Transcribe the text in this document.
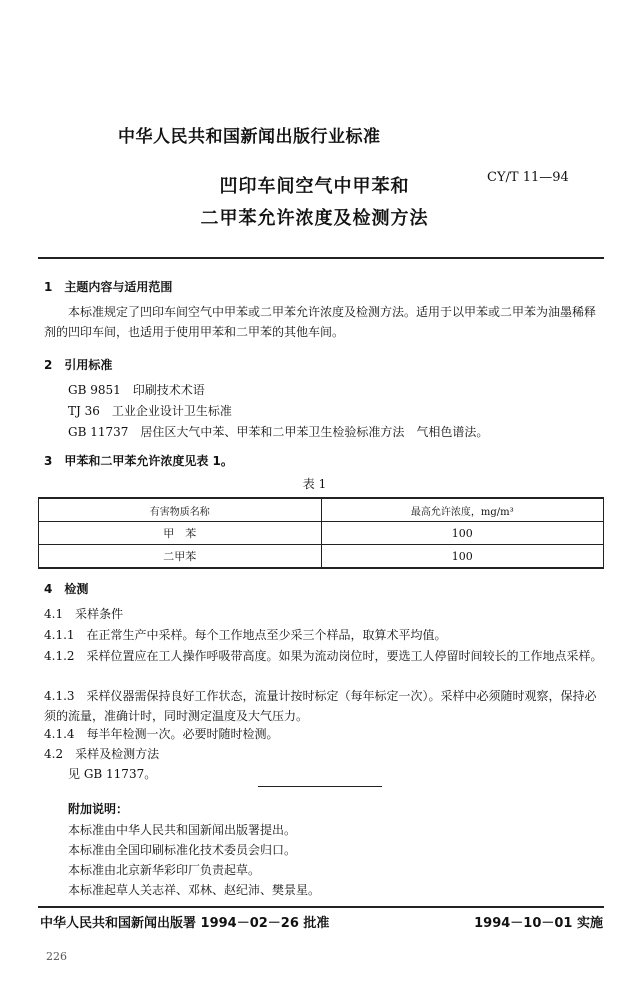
中华人民共和国新闻出版行业标准
CY/T 11—94
凹印车间空气中甲苯和
二甲苯允许浓度及检测方法
1　主题内容与适用范围
本标准规定了凹印车间空气中甲苯或二甲苯允许浓度及检测方法。适用于以甲苯或二甲苯为油墨稀释剂的凹印车间，也适用于使用甲苯和二甲苯的其他车间。
2　引用标准
GB 9851　印刷技术术语
TJ 36　工业企业设计卫生标准
GB 11737　居住区大气中苯、甲苯和二甲苯卫生检验标准方法　气相色谱法。
3　甲苯和二甲苯允许浓度见表 1。
表 1
有害物质名称	最高允许浓度，mg/m³
甲　苯	100
二甲苯	100
4　检测
4.1　采样条件
4.1.1　在正常生产中采样。每个工作地点至少采三个样品，取算术平均值。
4.1.2　采样位置应在工人操作呼吸带高度。如果为流动岗位时，要选工人停留时间较长的工作地点采样。
4.1.3　采样仪器需保持良好工作状态，流量计按时标定（每年标定一次）。采样中必须随时观察，保持必须的流量，准确计时，同时测定温度及大气压力。
4.1.4　每半年检测一次。必要时随时检测。
4.2　采样及检测方法
见 GB 11737。
附加说明：
本标准由中华人民共和国新闻出版署提出。
本标准由全国印刷标准化技术委员会归口。
本标准由北京新华彩印厂负责起草。
本标准起草人关志祥、邓林、赵纪沛、樊景星。
中华人民共和国新闻出版署 1994－02－26 批准	1994－10－01 实施
226
